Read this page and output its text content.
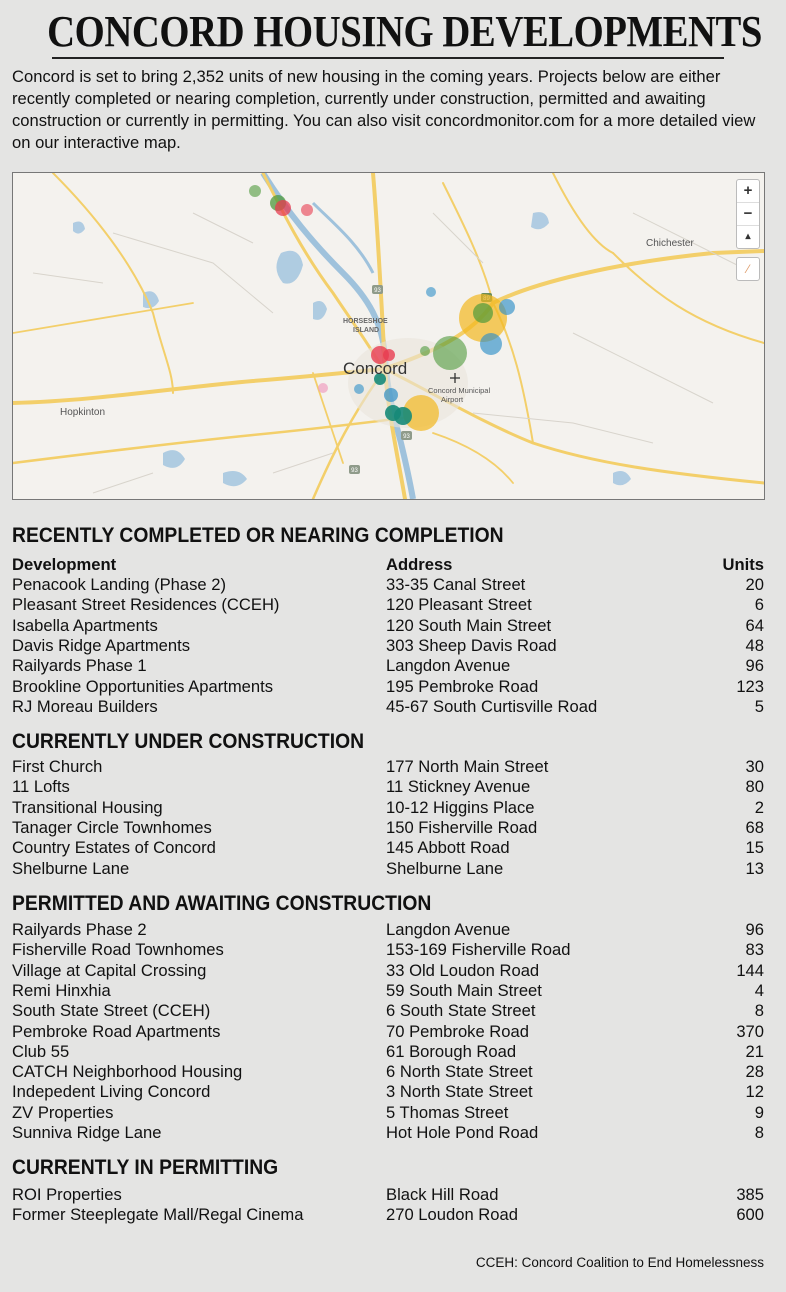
CONCORD HOUSING DEVELOPMENTS

Concord is set to bring 2,352 units of new housing in the coming years. Projects below are either recently completed or nearing completion, currently under construction, permitted and awaiting construction or currently in permitting. You can also visit concordmonitor.com for a more detailed view on our interactive map.

93
93
93
Concord
Hopkinton
Chichester
HORSESHOE
ISLAND
Concord Municipal
Airport
+
−
▴
⁄
RECENTLY COMPLETED OR NEARING COMPLETION
Development	Address	Units
Penacook Landing (Phase 2)	33-35 Canal Street	20
Pleasant Street Residences (CCEH)	120 Pleasant Street	6
Isabella Apartments	120 South Main Street	64
Davis Ridge Apartments	303 Sheep Davis Road	48
Railyards Phase 1	Langdon Avenue	96
Brookline Opportunities Apartments	195 Pembroke Road	123
RJ Moreau Builders	45-67 South Curtisville Road	5
CURRENTLY UNDER CONSTRUCTION
First Church	177 North Main Street	30
11 Lofts	11 Stickney Avenue	80
Transitional Housing	10-12 Higgins Place	2
Tanager Circle Townhomes	150 Fisherville Road	68
Country Estates of Concord	145 Abbott Road	15
Shelburne Lane	Shelburne Lane	13
PERMITTED AND AWAITING CONSTRUCTION
Railyards Phase 2	Langdon Avenue	96
Fisherville Road Townhomes	153-169 Fisherville Road	83
Village at Capital Crossing	33 Old Loudon Road	144
Remi Hinxhia	59 South Main Street	4
South State Street (CCEH)	6 South State Street	8
Pembroke Road Apartments	70 Pembroke Road	370
Club 55	61 Borough Road	21
CATCH Neighborhood Housing	6 North State Street	28
Indepedent Living Concord	3 North State Street	12
ZV Properties	5 Thomas Street	9
Sunniva Ridge Lane	Hot Hole Pond Road	8
CURRENTLY IN PERMITTING
ROI Properties	Black Hill Road	385
Former Steeplegate Mall/Regal Cinema	270 Loudon Road	600
CCEH: Concord Coalition to End Homelessness
